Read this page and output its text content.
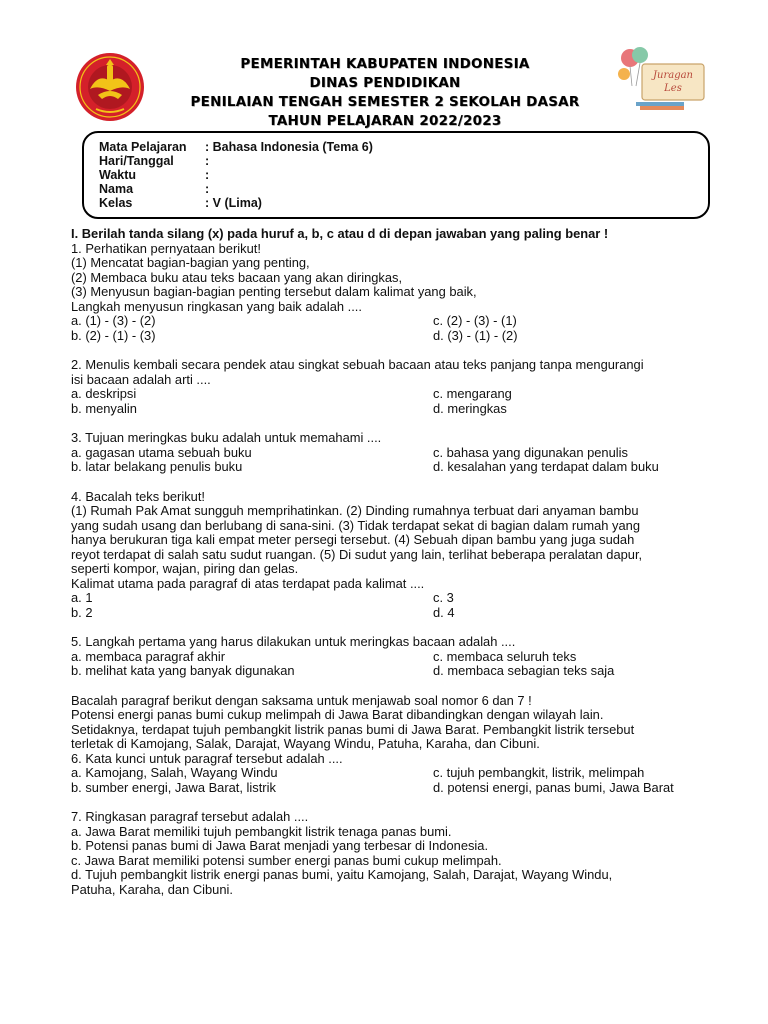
Juragan
Les
PEMERINTAH KABUPATEN INDONESIA
DINAS PENDIDIKAN
PENILAIAN TENGAH SEMESTER 2 SEKOLAH DASAR
TAHUN PELAJARAN 2022/2023
Mata Pelajaran	: Bahasa Indonesia (Tema 6)
Hari/Tanggal	:
Waktu	:
Nama	:
Kelas	: V (Lima)
I. Berilah tanda silang (x) pada huruf a, b, c atau d di depan jawaban yang paling benar !
1. Perhatikan pernyataan berikut!
(1) Mencatat bagian-bagian yang penting,
(2) Membaca buku atau teks bacaan yang akan diringkas,
(3) Menyusun bagian-bagian penting tersebut dalam kalimat yang baik,
Langkah menyusun ringkasan yang baik adalah ....
a. (1) - (3) - (2)	c. (2) - (3) - (1)
b. (2) - (1) - (3)	d. (3) - (1) - (2)
2. Menulis kembali secara pendek atau singkat sebuah bacaan atau teks panjang tanpa mengurangi
isi bacaan adalah arti ....
a. deskripsi	c. mengarang
b. menyalin	d. meringkas
3. Tujuan meringkas buku adalah untuk memahami ....
a. gagasan utama sebuah buku	c. bahasa yang digunakan penulis
b. latar belakang penulis buku	d. kesalahan yang terdapat dalam buku
4. Bacalah teks berikut!
(1) Rumah Pak Amat sungguh memprihatinkan. (2) Dinding rumahnya terbuat dari anyaman bambu
yang sudah usang dan berlubang di sana-sini. (3) Tidak terdapat sekat di bagian dalam rumah yang
hanya berukuran tiga kali empat meter persegi tersebut. (4) Sebuah dipan bambu yang juga sudah
reyot terdapat di salah satu sudut ruangan. (5) Di sudut yang lain, terlihat beberapa peralatan dapur,
seperti kompor, wajan, piring dan gelas.
Kalimat utama pada paragraf di atas terdapat pada kalimat ....
a. 1	c. 3
b. 2	d. 4
5. Langkah pertama yang harus dilakukan untuk meringkas bacaan adalah ....
a. membaca paragraf akhir	c. membaca seluruh teks
b. melihat kata yang banyak digunakan	d. membaca sebagian teks saja
Bacalah paragraf berikut dengan saksama untuk menjawab soal nomor 6 dan 7 !
Potensi energi panas bumi cukup melimpah di Jawa Barat dibandingkan dengan wilayah lain.
Setidaknya, terdapat tujuh pembangkit listrik panas bumi di Jawa Barat. Pembangkit listrik tersebut
terletak di Kamojang, Salak, Darajat, Wayang Windu, Patuha, Karaha, dan Cibuni.
6. Kata kunci untuk paragraf tersebut adalah ....
a. Kamojang, Salah, Wayang Windu	c. tujuh pembangkit, listrik, melimpah
b. sumber energi, Jawa Barat, listrik	d. potensi energi, panas bumi, Jawa Barat
7. Ringkasan paragraf tersebut adalah ....
a. Jawa Barat memiliki tujuh pembangkit listrik tenaga panas bumi.
b. Potensi panas bumi di Jawa Barat menjadi yang terbesar di Indonesia.
c. Jawa Barat memiliki potensi sumber energi panas bumi cukup melimpah.
d. Tujuh pembangkit listrik energi panas bumi, yaitu Kamojang, Salah, Darajat, Wayang Windu,
Patuha, Karaha, dan Cibuni.
